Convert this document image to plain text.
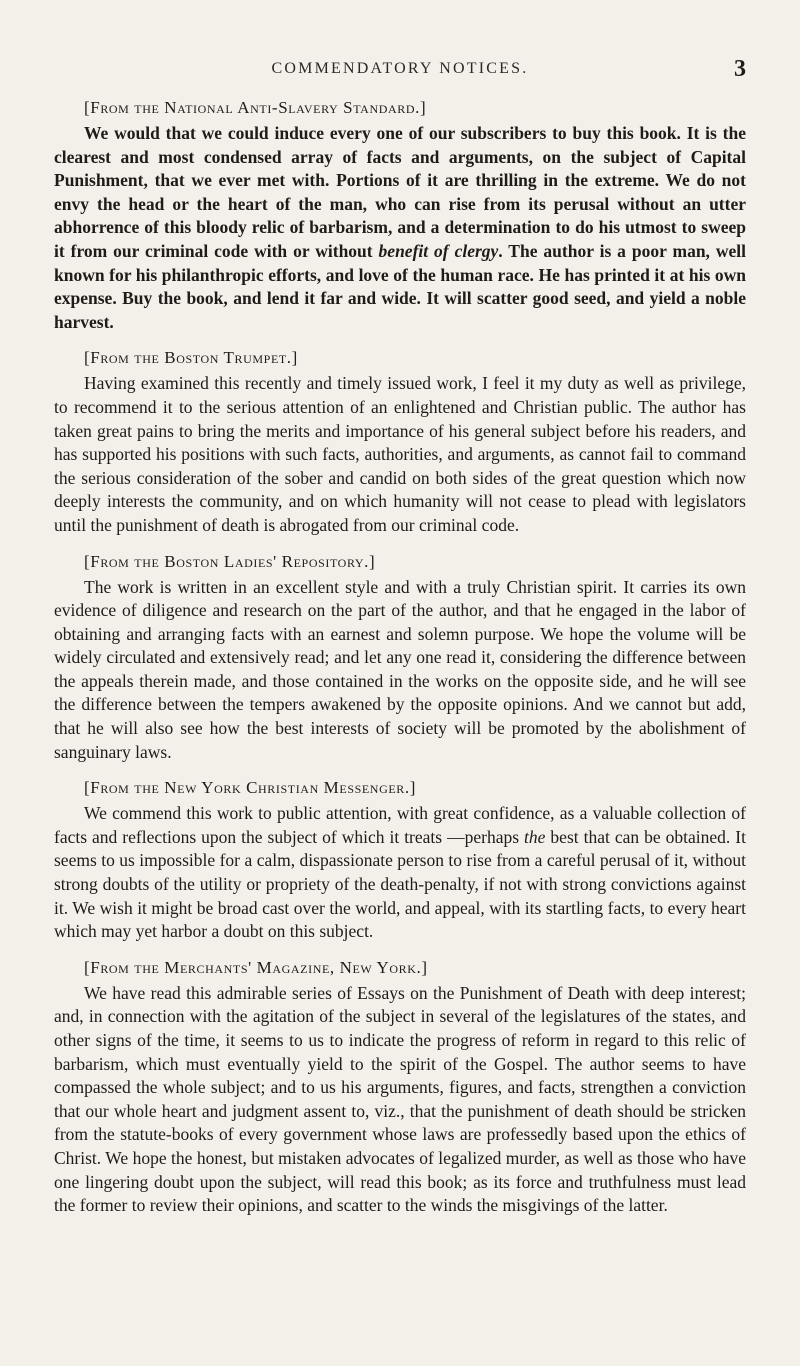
COMMENDATORY NOTICES.	3

[From the National Anti-Slavery Standard.]

We would that we could induce every one of our subscribers to buy this book. It is the clearest and most condensed array of facts and arguments, on the subject of Capital Punishment, that we ever met with. Portions of it are thrilling in the extreme. We do not envy the head or the heart of the man, who can rise from its perusal without an utter abhorrence of this bloody relic of barbarism, and a determination to do his utmost to sweep it from our criminal code with or without benefit of clergy. The author is a poor man, well known for his philanthropic efforts, and love of the human race. He has printed it at his own expense. Buy the book, and lend it far and wide. It will scatter good seed, and yield a noble harvest.

[From the Boston Trumpet.]

Having examined this recently and timely issued work, I feel it my duty as well as privilege, to recommend it to the serious attention of an enlightened and Christian public. The author has taken great pains to bring the merits and importance of his general subject before his readers, and has supported his positions with such facts, authorities, and arguments, as cannot fail to command the serious consideration of the sober and candid on both sides of the great question which now deeply interests the community, and on which humanity will not cease to plead with legislators until the punishment of death is abrogated from our criminal code.

[From the Boston Ladies' Repository.]

The work is written in an excellent style and with a truly Christian spirit. It carries its own evidence of diligence and research on the part of the author, and that he engaged in the labor of obtaining and arranging facts with an earnest and solemn purpose. We hope the volume will be widely circulated and extensively read; and let any one read it, considering the difference between the appeals therein made, and those contained in the works on the opposite side, and he will see the difference between the tempers awakened by the opposite opinions. And we cannot but add, that he will also see how the best interests of society will be promoted by the abolishment of sanguinary laws.

[From the New York Christian Messenger.]

We commend this work to public attention, with great confidence, as a valuable collection of facts and reflections upon the subject of which it treats —perhaps the best that can be obtained. It seems to us impossible for a calm, dispassionate person to rise from a careful perusal of it, without strong doubts of the utility or propriety of the death-penalty, if not with strong convictions against it. We wish it might be broad cast over the world, and appeal, with its startling facts, to every heart which may yet harbor a doubt on this subject.

[From the Merchants' Magazine, New York.]

We have read this admirable series of Essays on the Punishment of Death with deep interest; and, in connection with the agitation of the subject in several of the legislatures of the states, and other signs of the time, it seems to us to indicate the progress of reform in regard to this relic of barbarism, which must eventually yield to the spirit of the Gospel. The author seems to have compassed the whole subject; and to us his arguments, figures, and facts, strengthen a conviction that our whole heart and judgment assent to, viz., that the punishment of death should be stricken from the statute-books of every government whose laws are professedly based upon the ethics of Christ. We hope the honest, but mistaken advocates of legalized murder, as well as those who have one lingering doubt upon the subject, will read this book; as its force and truthfulness must lead the former to review their opinions, and scatter to the winds the misgivings of the latter.
